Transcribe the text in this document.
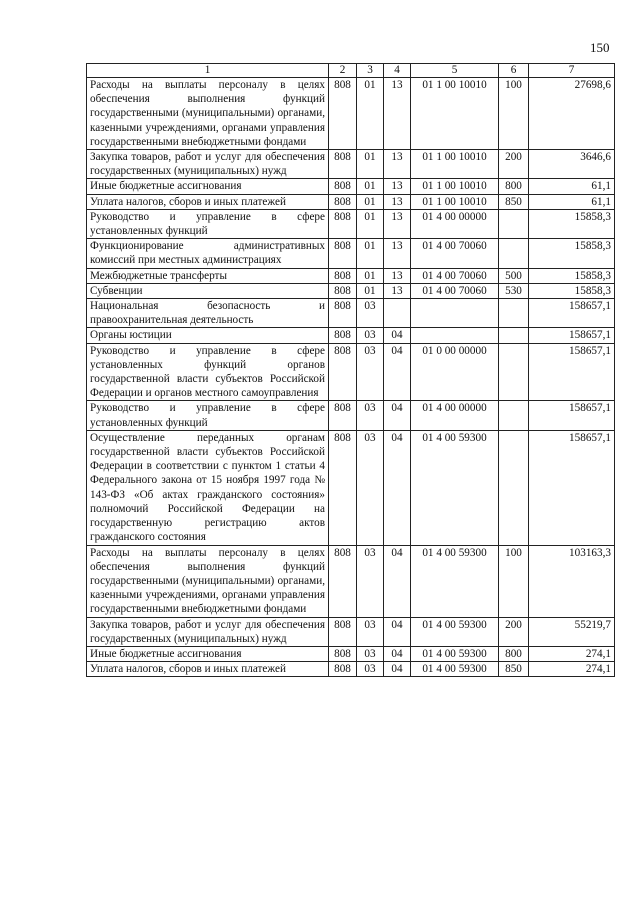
150
1	2	3	4	5	6	7
Расходы на выплаты персоналу в целях обеспечения выполнения функций государственными (муниципальными) органами, казенными учреждениями, органами управления государственными внебюджетными фондами	808	01	13	01 1 00 10010	100	27698,6
Закупка товаров, работ и услуг для обеспечения государственных (муниципальных) нужд	808	01	13	01 1 00 10010	200	3646,6
Иные бюджетные ассигнования	808	01	13	01 1 00 10010	800	61,1
Уплата налогов, сборов и иных платежей	808	01	13	01 1 00 10010	850	61,1
Руководство и управление в сфере установленных функций	808	01	13	01 4 00 00000		15858,3
Функционирование административных комиссий при местных администрациях	808	01	13	01 4 00 70060		15858,3
Межбюджетные трансферты	808	01	13	01 4 00 70060	500	15858,3
Субвенции	808	01	13	01 4 00 70060	530	15858,3
Национальная безопасность и правоохранительная деятельность	808	03				158657,1
Органы юстиции	808	03	04			158657,1
Руководство и управление в сфере установленных функций органов государственной власти субъектов Российской Федерации и органов местного самоуправления	808	03	04	01 0 00 00000		158657,1
Руководство и управление в сфере установленных функций	808	03	04	01 4 00 00000		158657,1
Осуществление переданных органам государственной власти субъектов Российской Федерации в соответствии с пунктом 1 статьи 4 Федерального закона от 15 ноября 1997 года № 143-ФЗ «Об актах гражданского состояния» полномочий Российской Федерации на государственную регистрацию актов гражданского состояния	808	03	04	01 4 00 59300		158657,1
Расходы на выплаты персоналу в целях обеспечения выполнения функций государственными (муниципальными) органами, казенными учреждениями, органами управления государственными внебюджетными фондами	808	03	04	01 4 00 59300	100	103163,3
Закупка товаров, работ и услуг для обеспечения государственных (муниципальных) нужд	808	03	04	01 4 00 59300	200	55219,7
Иные бюджетные ассигнования	808	03	04	01 4 00 59300	800	274,1
Уплата налогов, сборов и иных платежей	808	03	04	01 4 00 59300	850	274,1
